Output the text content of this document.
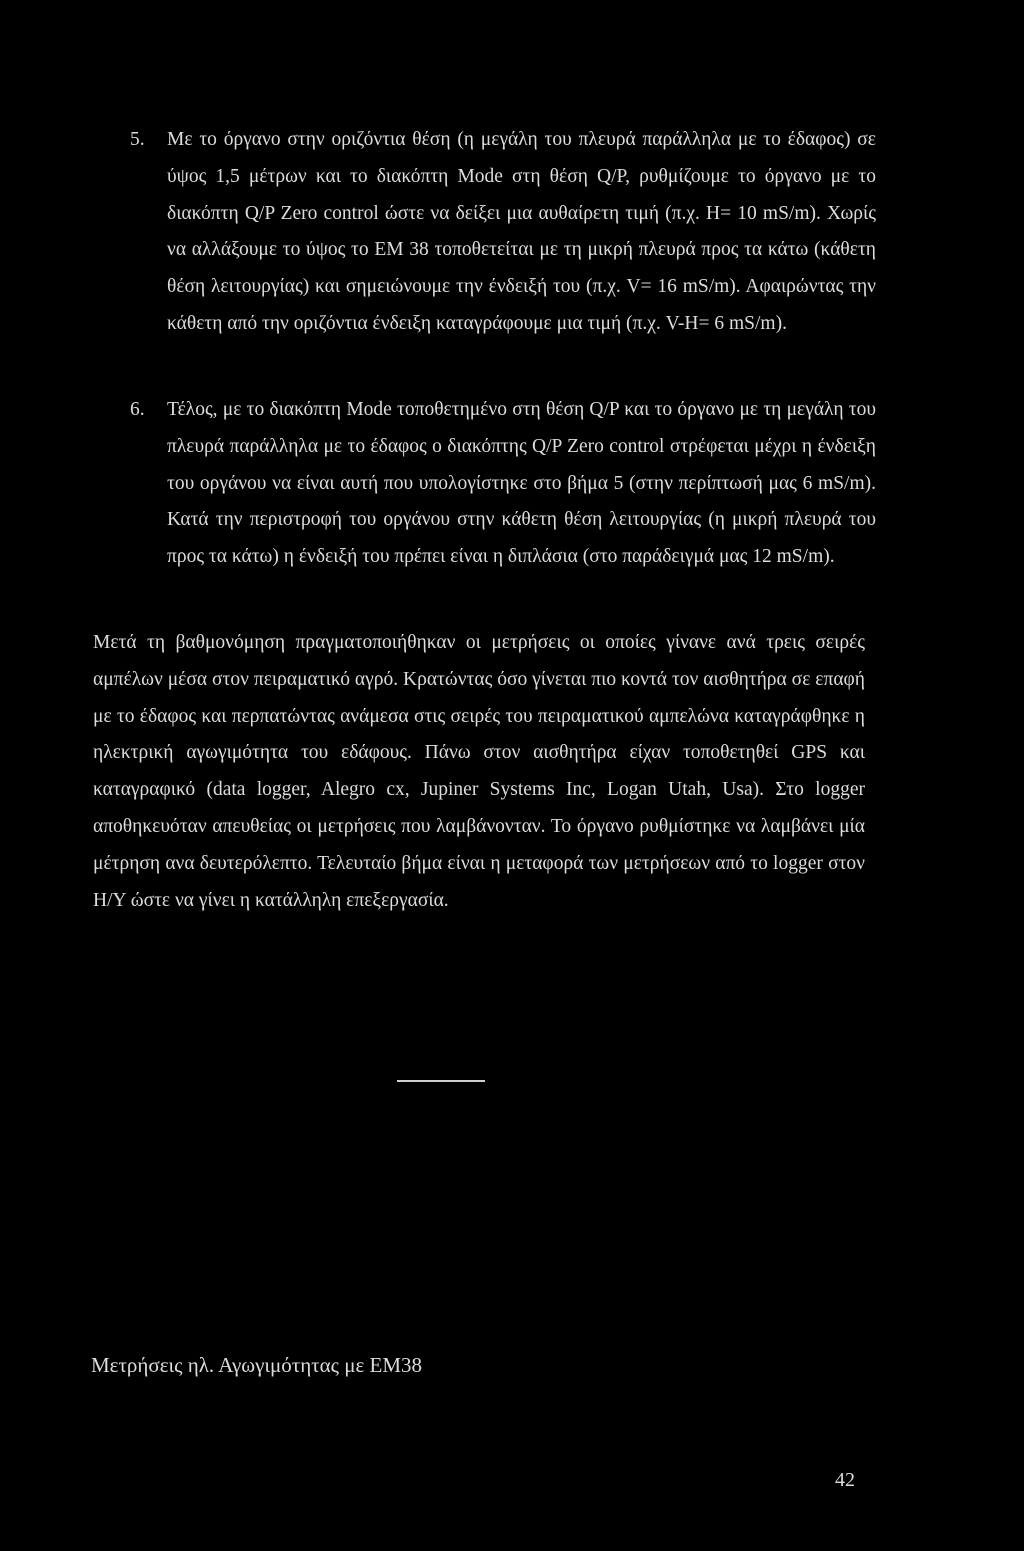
5. Με το όργανο στην οριζόντια θέση (η μεγάλη του πλευρά παράλληλα με το έδαφος) σε ύψος 1,5 μέτρων και το διακόπτη Mode στη θέση Q/P, ρυθμίζουμε το όργανο με το διακόπτη Q/P Zero control ώστε να δείξει μια αυθαίρετη τιμή (π.χ. H= 10 mS/m). Χωρίς να αλλάξουμε το ύψος το EM 38 τοποθετείται με τη μικρή πλευρά προς τα κάτω (κάθετη θέση λειτουργίας) και σημειώνουμε την ένδειξή του (π.χ. V= 16 mS/m). Αφαιρώντας την κάθετη από την οριζόντια ένδειξη καταγράφουμε μια τιμή (π.χ. V-H= 6 mS/m).
6. Τέλος, με το διακόπτη Mode τοποθετημένο στη θέση Q/P και το όργανο με τη μεγάλη του πλευρά παράλληλα με το έδαφος ο διακόπτης Q/P Zero control στρέφεται μέχρι η ένδειξη του οργάνου να είναι αυτή που υπολογίστηκε στο βήμα 5 (στην περίπτωσή μας 6 mS/m). Κατά την περιστροφή του οργάνου στην κάθετη θέση λειτουργίας (η μικρή πλευρά του προς τα κάτω) η ένδειξή του πρέπει είναι η διπλάσια (στο παράδειγμά μας 12 mS/m).
Μετά τη βαθμονόμηση πραγματοποιήθηκαν οι μετρήσεις οι οποίες γίνανε ανά τρεις σειρές αμπέλων μέσα στον πειραματικό αγρό. Κρατώντας όσο γίνεται πιο κοντά τον αισθητήρα σε επαφή με το έδαφος και περπατώντας ανάμεσα στις σειρές του πειραματικού αμπελώνα καταγράφθηκε η ηλεκτρική αγωγιμότητα του εδάφους. Πάνω στον αισθητήρα είχαν τοποθετηθεί GPS και καταγραφικό (data logger, Alegro cx, Jupiner Systems Inc, Logan Utah, Usa). Στο logger αποθηκευόταν απευθείας οι μετρήσεις που λαμβάνονταν. Το όργανο ρυθμίστηκε να λαμβάνει μία μέτρηση ανα δευτερόλεπτο. Τελευταίο βήμα είναι η μεταφορά των μετρήσεων από το logger στον Η/Υ ώστε να γίνει η κατάλληλη επεξεργασία.
Μετρήσεις ηλ. Αγωγιμότητας με ΕΜ38
42
